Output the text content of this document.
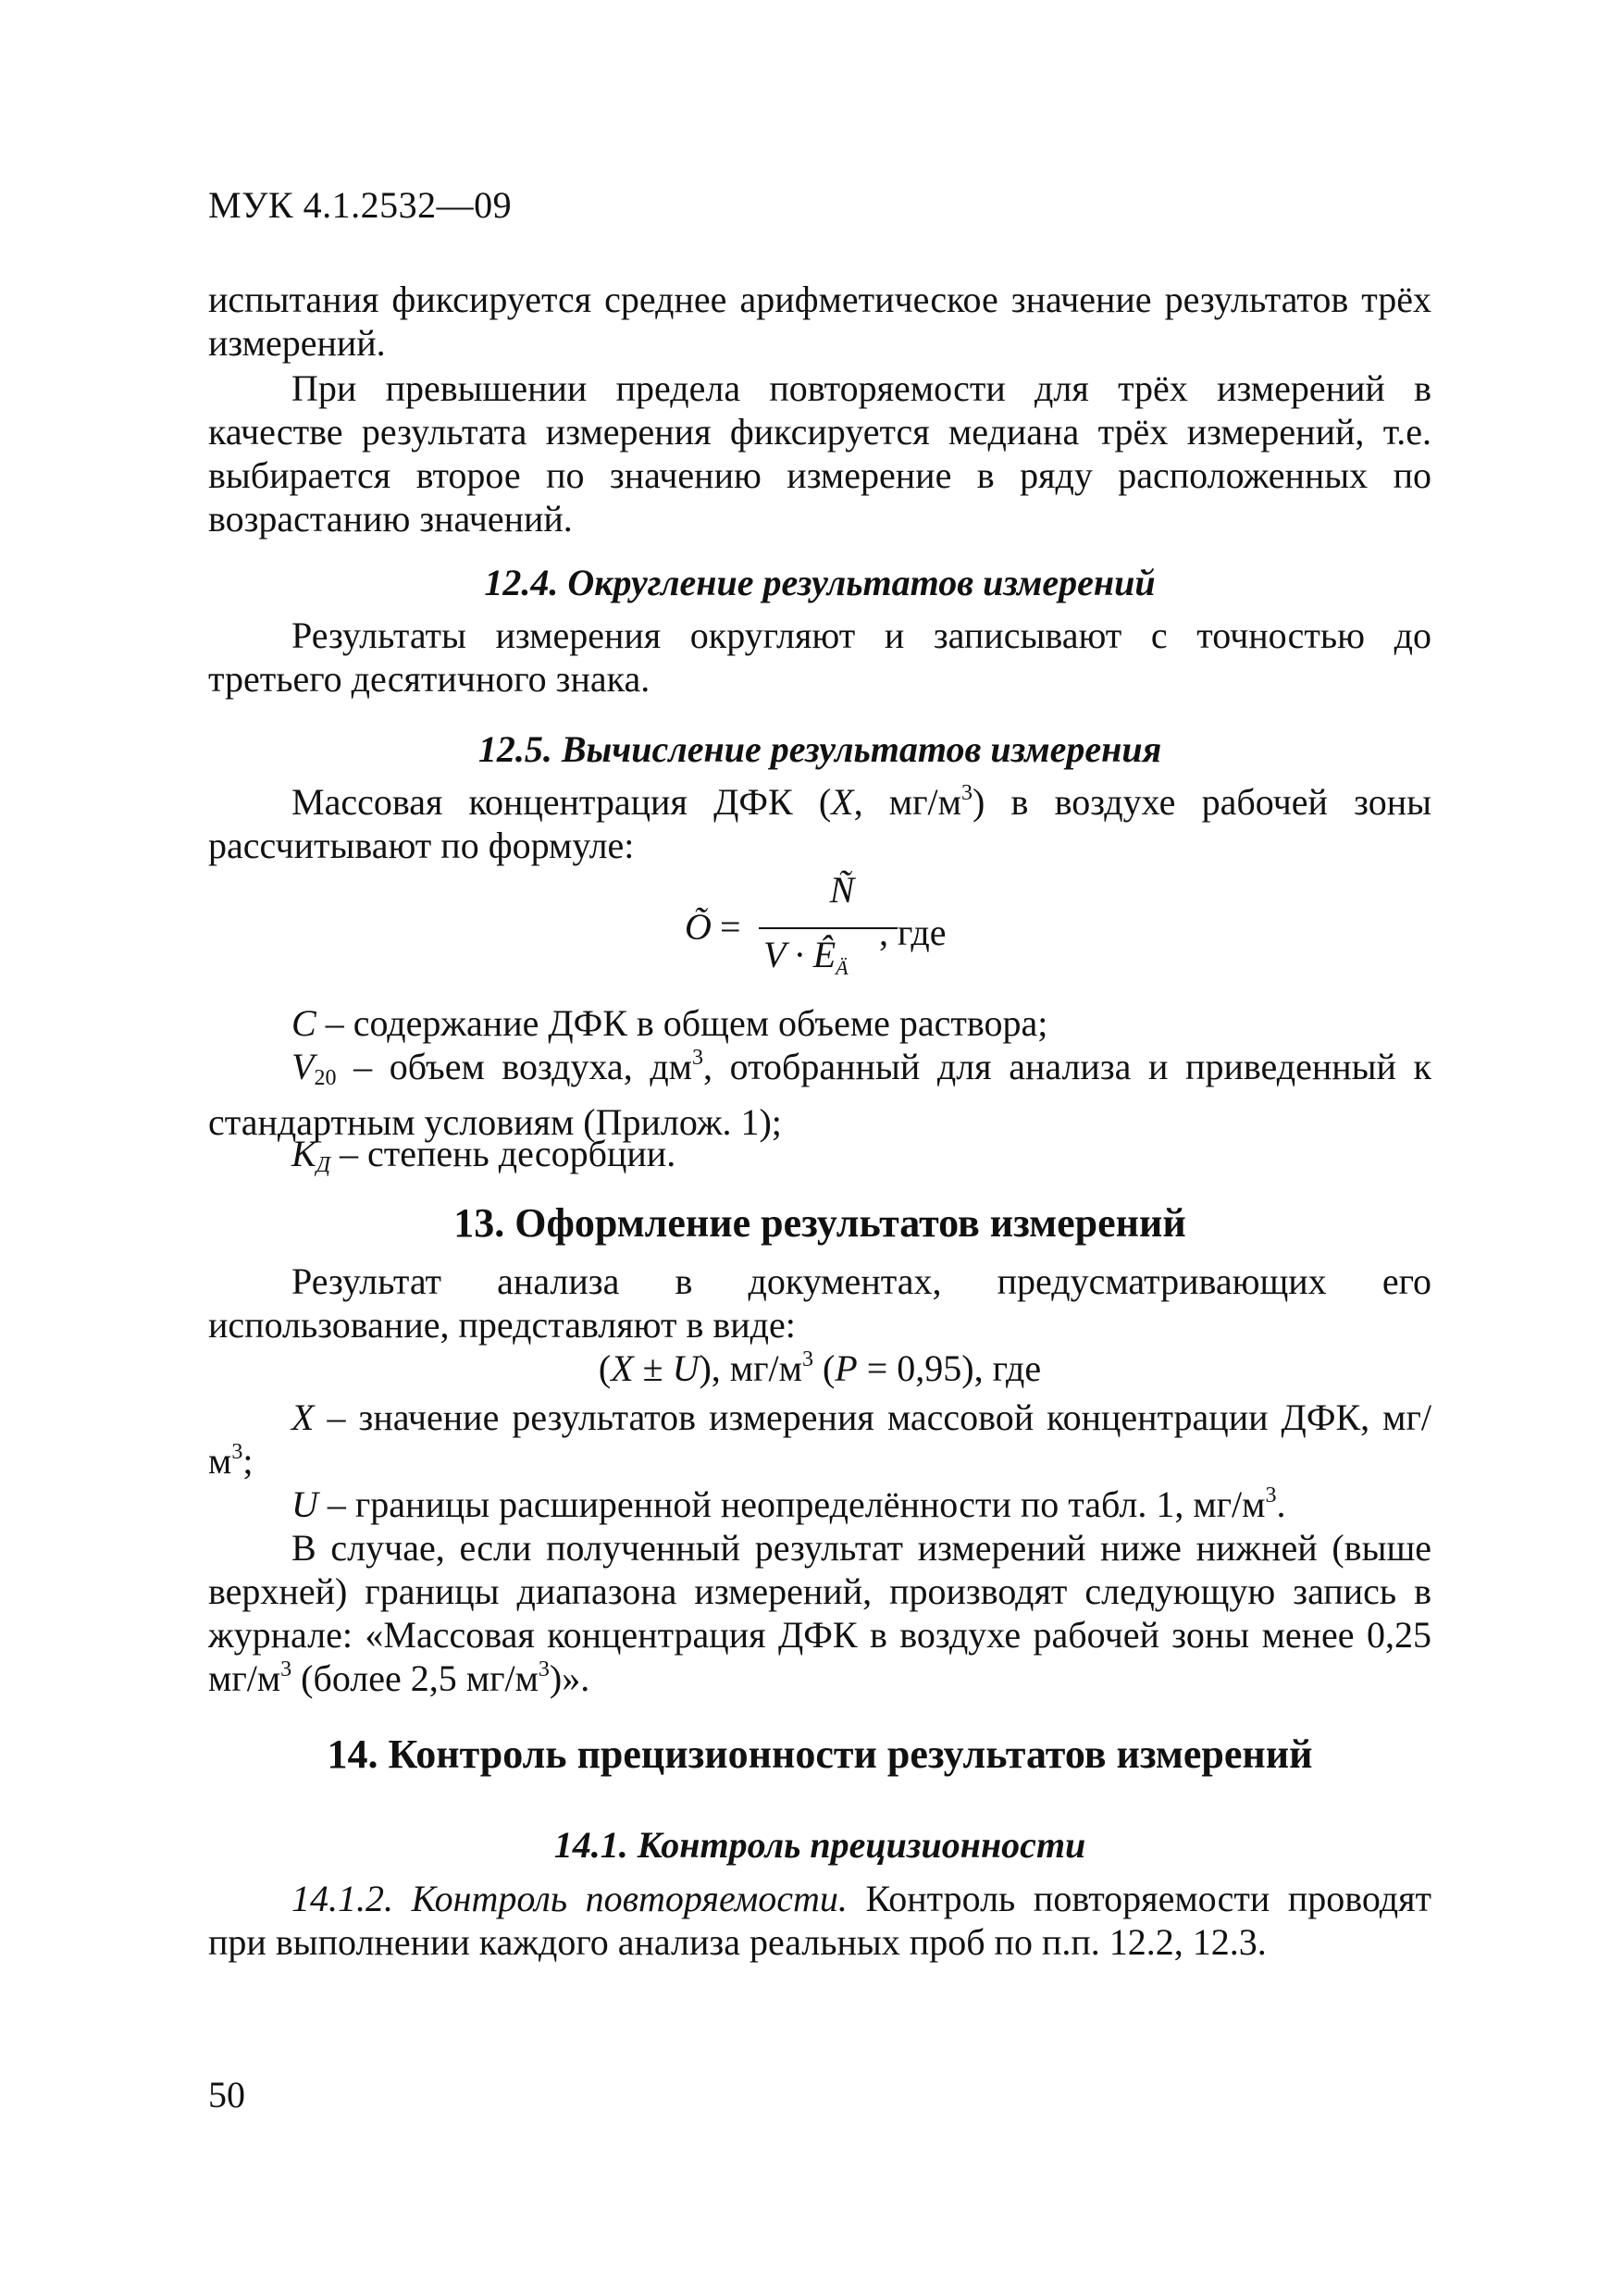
МУК 4.1.2532—09
испытания фиксируется среднее арифметическое значение результатов трёх измерений.
При превышении предела повторяемости для трёх измерений в качестве результата измерения фиксируется медиана трёх измерений, т.е. выбирается второе по значению измерение в ряду расположенных по возрастанию значений.
12.4. Округление результатов измерений
Результаты измерения округляют и записывают с точностью до третьего десятичного знака.
12.5. Вычисление результатов измерения
Массовая концентрация ДФК (X, $мг/м^3$) в воздухе рабочей зоны рассчитывают по формуле:
Õ =
Ñ
$V \cdot Ê_Ä$
, где
C – содержание ДФК в общем объеме раствора;
V20 – объем воздуха, $дм^3$, отобранный для анализа и приведенный к стандартным условиям (Прилож. 1);
KД – степень десорбции.
13. Оформление результатов измерений
Результат анализа в документах, предусматривающих его использование, представляют в виде:
(X ± U), $мг/м^3$ (P = 0,95), где
X – значение результатов измерения массовой концентрации ДФК, $мг/м^3$;
U – границы расширенной неопределённости по табл. 1, $мг/м^3$.
В случае, если полученный результат измерений ниже нижней (выше верхней) границы диапазона измерений, производят следующую запись в журнале: «Массовая концентрация ДФК в воздухе рабочей зоны менее 0,25 $мг/м^3$ (более 2,5 $мг/м^3$)».
14. Контроль прецизионности результатов измерений
14.1. Контроль прецизионности
14.1.2. Контроль повторяемости. Контроль повторяемости проводят при выполнении каждого анализа реальных проб по п.п. 12.2, 12.3.
50
